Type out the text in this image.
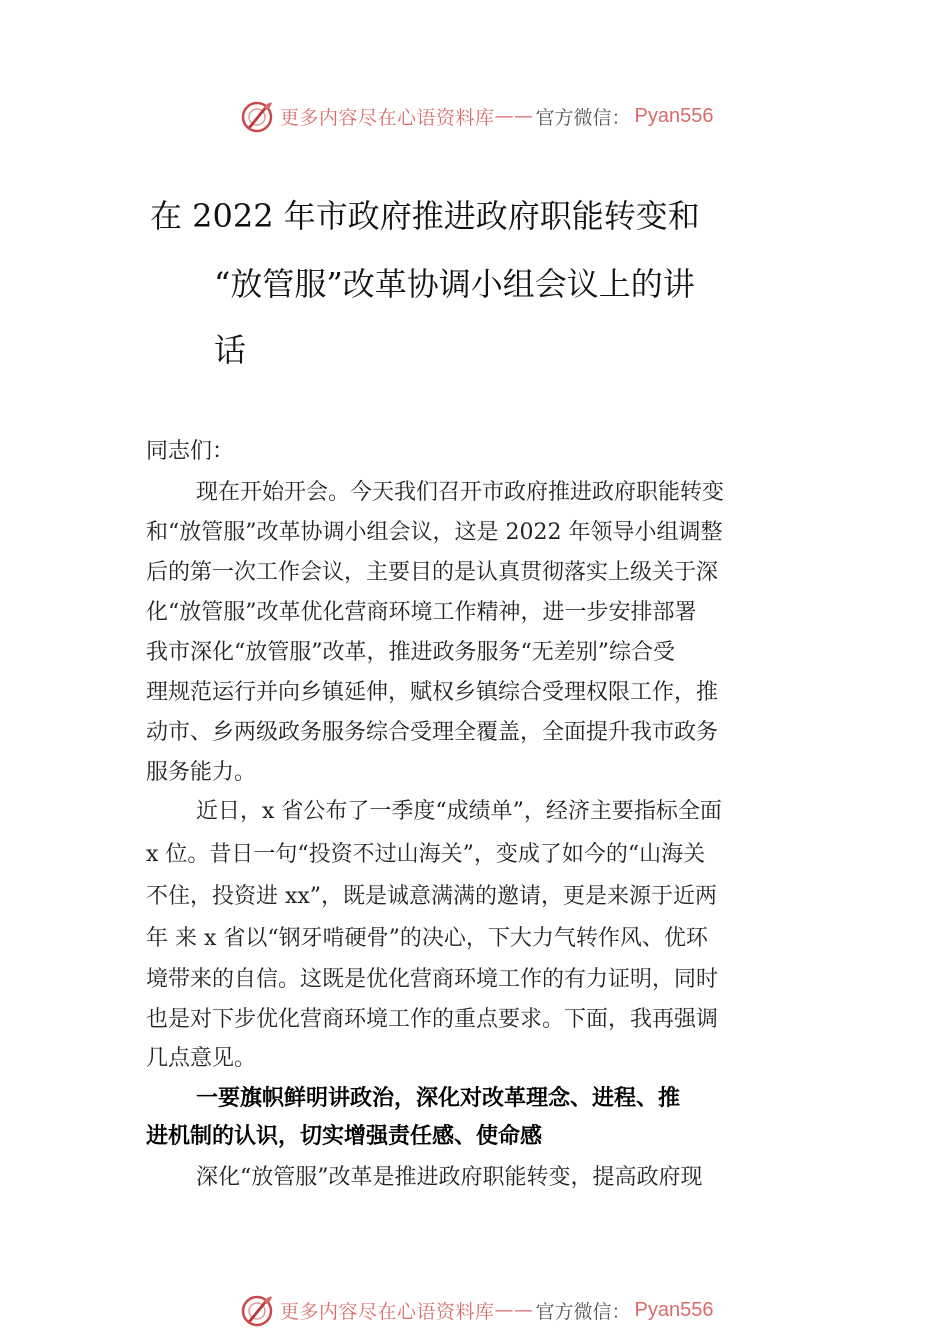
更多内容尽在心语资料库 —— 官方微信： Pyan556
在 2022 年市政府推进政府职能转变和
“放管服”改革协调小组会议上的讲
话
同志们：
现在开始开会。今天我们召开市政府推进政府职能转变
和“放管服”改革协调小组会议，这是 2022 年领导小组调整
后的第一次工作会议，主要目的是认真贯彻落实上级关于深
化“放管服”改革优化营商环境工作精神，进一步安排部署
我市深化“放管服”改革，推进政务服务“无差别”综合受
理规范运行并向乡镇延伸，赋权乡镇综合受理权限工作，推
动市、乡两级政务服务综合受理全覆盖，全面提升我市政务
服务能力。
近日，x 省公布了一季度“成绩单”，经济主要指标全面
x 位。昔日一句“投资不过山海关”，变成了如今的“山海关
不住，投资进 xx”，既是诚意满满的邀请，更是来源于近两
年 来 x 省以“钢牙啃硬骨”的决心，下大力气转作风、优环
境带来的自信。这既是优化营商环境工作的有力证明，同时
也是对下步优化营商环境工作的重点要求。下面，我再强调
几点意见。
一要旗帜鲜明讲政治，深化对改革理念、进程、推
进机制的认识，切实增强责任感、使命感
深化“放管服”改革是推进政府职能转变，提高政府现
更多内容尽在心语资料库 —— 官方微信： Pyan556
